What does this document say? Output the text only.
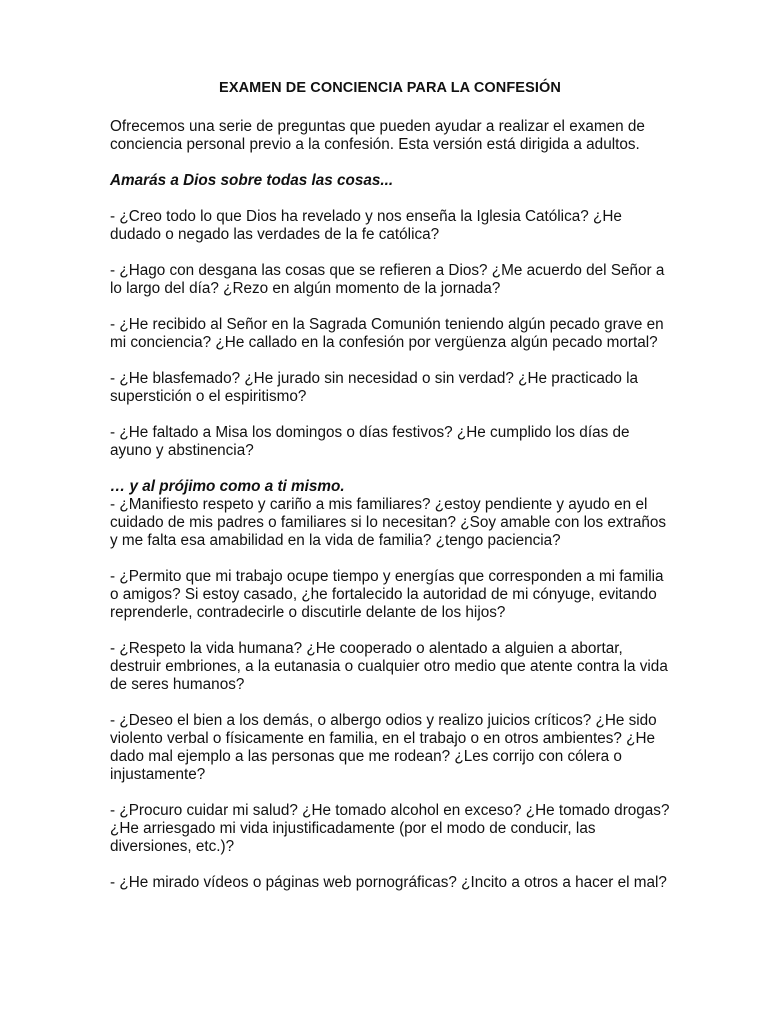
EXAMEN DE CONCIENCIA PARA LA CONFESIÓN

Ofrecemos una serie de preguntas que pueden ayudar a realizar el examen de conciencia personal previo a la confesión. Esta versión está dirigida a adultos.

Amarás a Dios sobre todas las cosas...

- ¿Creo todo lo que Dios ha revelado y nos enseña la Iglesia Católica? ¿He dudado o negado las verdades de la fe católica?

- ¿Hago con desgana las cosas que se refieren a Dios? ¿Me acuerdo del Señor a lo largo del día? ¿Rezo en algún momento de la jornada?

- ¿He recibido al Señor en la Sagrada Comunión teniendo algún pecado grave en mi conciencia? ¿He callado en la confesión por vergüenza algún pecado mortal?

- ¿He blasfemado? ¿He jurado sin necesidad o sin verdad? ¿He practicado la superstición o el espiritismo?

- ¿He faltado a Misa los domingos o días festivos? ¿He cumplido los días de ayuno y abstinencia?

… y al prójimo como a ti mismo.

- ¿Manifiesto respeto y cariño a mis familiares? ¿estoy pendiente y ayudo en el cuidado de mis padres o familiares si lo necesitan? ¿Soy amable con los extraños y me falta esa amabilidad en la vida de familia? ¿tengo paciencia?

- ¿Permito que mi trabajo ocupe tiempo y energías que corresponden a mi familia o amigos? Si estoy casado, ¿he fortalecido la autoridad de mi cónyuge, evitando reprenderle, contradecirle o discutirle delante de los hijos?

- ¿Respeto la vida humana? ¿He cooperado o alentado a alguien a abortar, destruir embriones, a la eutanasia o cualquier otro medio que atente contra la vida de seres humanos?

- ¿Deseo el bien a los demás, o albergo odios y realizo juicios críticos? ¿He sido violento verbal o físicamente en familia, en el trabajo o en otros ambientes? ¿He dado mal ejemplo a las personas que me rodean? ¿Les corrijo con cólera o injustamente?

- ¿Procuro cuidar mi salud? ¿He tomado alcohol en exceso? ¿He tomado drogas? ¿He arriesgado mi vida injustificadamente (por el modo de conducir, las diversiones, etc.)?

- ¿He mirado vídeos o páginas web pornográficas? ¿Incito a otros a hacer el mal?
